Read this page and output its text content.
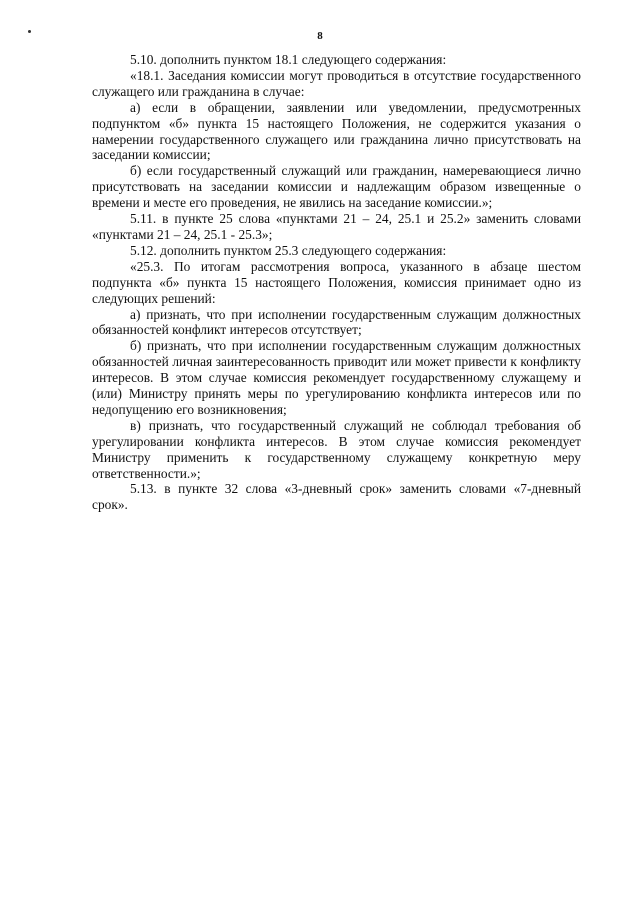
8

5.10. дополнить пунктом 18.1 следующего содержания:

«18.1. Заседания комиссии могут проводиться в отсутствие государственного служащего или гражданина в случае:

а) если в обращении, заявлении или уведомлении, предусмотренных подпунктом «б» пункта 15 настоящего Положения, не содержится указания о намерении государственного служащего или гражданина лично присутствовать на заседании комиссии;

б) если государственный служащий или гражданин, намеревающиеся лично присутствовать на заседании комиссии и надлежащим образом извещенные о времени и месте его проведения, не явились на заседание комиссии.»;

5.11. в пункте 25 слова «пунктами 21 – 24, 25.1 и 25.2» заменить словами «пунктами 21 – 24, 25.1 - 25.3»;

5.12. дополнить пунктом 25.3 следующего содержания:

«25.3. По итогам рассмотрения вопроса, указанного в абзаце шестом подпункта «б» пункта 15 настоящего Положения, комиссия принимает одно из следующих решений:

а) признать, что при исполнении государственным служащим должностных обязанностей конфликт интересов отсутствует;

б) признать, что при исполнении государственным служащим должностных обязанностей личная заинтересованность приводит или может привести к конфликту интересов. В этом случае комиссия рекомендует государственному служащему и (или) Министру принять меры по урегулированию конфликта интересов или по недопущению его возникновения;

в) признать, что государственный служащий не соблюдал требования об урегулировании конфликта интересов. В этом случае комиссия рекомендует Министру применить к государственному служащему конкретную меру ответственности.»;

5.13. в пункте 32 слова «3-дневный срок» заменить словами «7-дневный срок».
